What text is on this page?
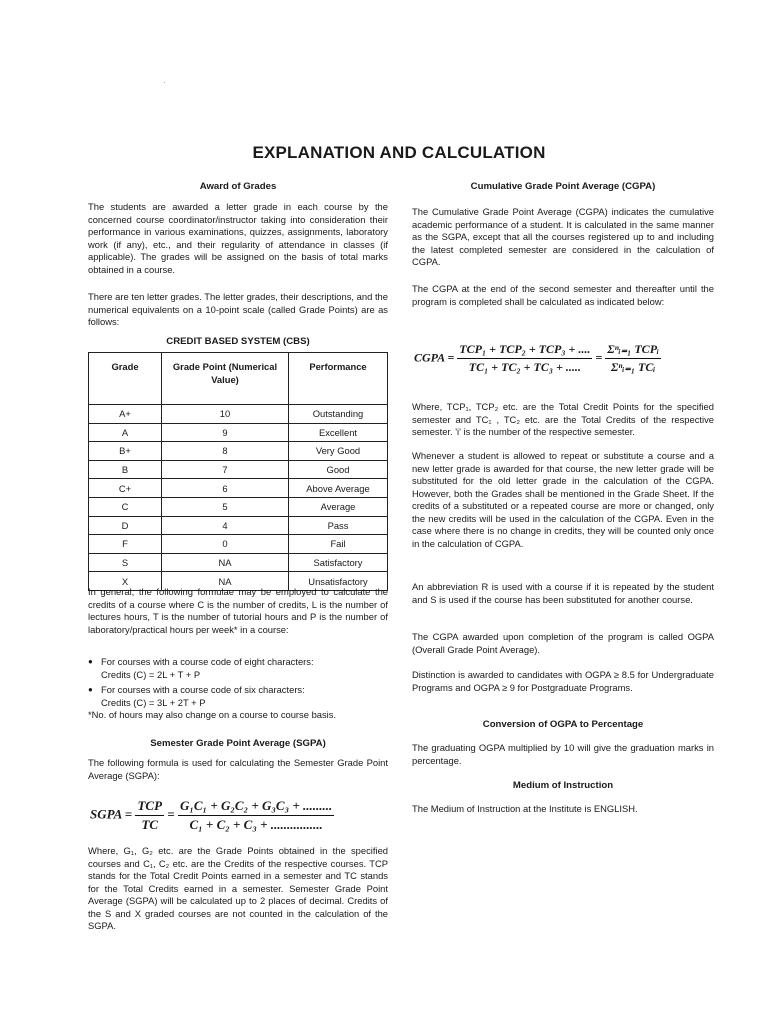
·
EXPLANATION AND CALCULATION
Award of Grades

The students are awarded a letter grade in each course by the concerned course coordinator/instructor taking into consideration their performance in various examinations, quizzes, assignments, laboratory work (if any), etc., and their regularity of attendance in classes (if applicable). The grades will be assigned on the basis of total marks obtained in a course.

There are ten letter grades. The letter grades, their descriptions, and the numerical equivalents on a 10-point scale (called Grade Points) are as follows:

CREDIT BASED SYSTEM (CBS)
Grade	Grade Point (Numerical Value)	Performance
A+	10	Outstanding
A	9	Excellent
B+	8	Very Good
B	7	Good
C+	6	Above Average
C	5	Average
D	4	Pass
F	0	Fail
S	NA	Satisfactory
X	NA	Unsatisfactory

In general, the following formulae may be employed to calculate the credits of a course where C is the number of credits, L is the number of lectures hours, T is the number of tutorial hours and P is the number of laboratory/practical hours per week* in a course:

● For courses with a course code of eight characters:
Credits (C) = 2L + T + P
● For courses with a course code of six characters:
Credits (C) = 3L + 2T + P
*No. of hours may also change on a course to course basis.
Semester Grade Point Average (SGPA)

The following formula is used for calculating the Semester Grade Point Average (SGPA):

SGPA = $\frac{\text{TCP}}{TC} = \frac{\text{G₁C₁ + G₂C₂ + G₃C₃ + .........}}{\text{C₁ + C₂ + C₃ + ................}}$

Where, G₁, G₂ etc. are the Grade Points obtained in the specified courses and C₁, C₂ etc. are the Credits of the respective courses. TCP stands for the Total Credit Points earned in a semester and TC stands for the Total Credits earned in a semester. Semester Grade Point Average (SGPA) will be calculated up to 2 places of decimal. Credits of the S and X graded courses are not counted in the calculation of the SGPA.

Cumulative Grade Point Average (CGPA)

The Cumulative Grade Point Average (CGPA) indicates the cumulative academic performance of a student. It is calculated in the same manner as the SGPA, except that all the courses registered up to and including the latest completed semester are considered in the calculation of CGPA.

The CGPA at the end of the second semester and thereafter until the program is completed shall be calculated as indicated below:

CGPA = $\frac{\text{TCP₁ + TCP₂ + TCP₃ + ....}}{\text{TC₁ + TC₂ + TC₃ + .....}} = \frac{\text{Σⁿᵢ₌₁ TCPᵢ}}{\text{Σⁿᵢ₌₁ TCᵢ}}$

Where, TCP₁, TCP₂ etc. are the Total Credit Points for the specified semester and TC₁ , TC₂ etc. are the Total Credits of the respective semester. 'i' is the number of the respective semester.

Whenever a student is allowed to repeat or substitute a course and a new letter grade is awarded for that course, the new letter grade will be substituted for the old letter grade in the calculation of the CGPA. However, both the Grades shall be mentioned in the Grade Sheet. If the credits of a substituted or a repeated course are more or changed, only the new credits will be used in the calculation of the CGPA. Even in the case where there is no change in credits, they will be counted only once in the calculation of CGPA.

An abbreviation R is used with a course if it is repeated by the student and S is used if the course has been substituted for another course.

The CGPA awarded upon completion of the program is called OGPA (Overall Grade Point Average).

Distinction is awarded to candidates with OGPA ≥ 8.5 for Undergraduate Programs and OGPA ≥ 9 for Postgraduate Programs.

Conversion of OGPA to Percentage

The graduating OGPA multiplied by 10 will give the graduation marks in percentage.

Medium of Instruction

The Medium of Instruction at the Institute is ENGLISH.
